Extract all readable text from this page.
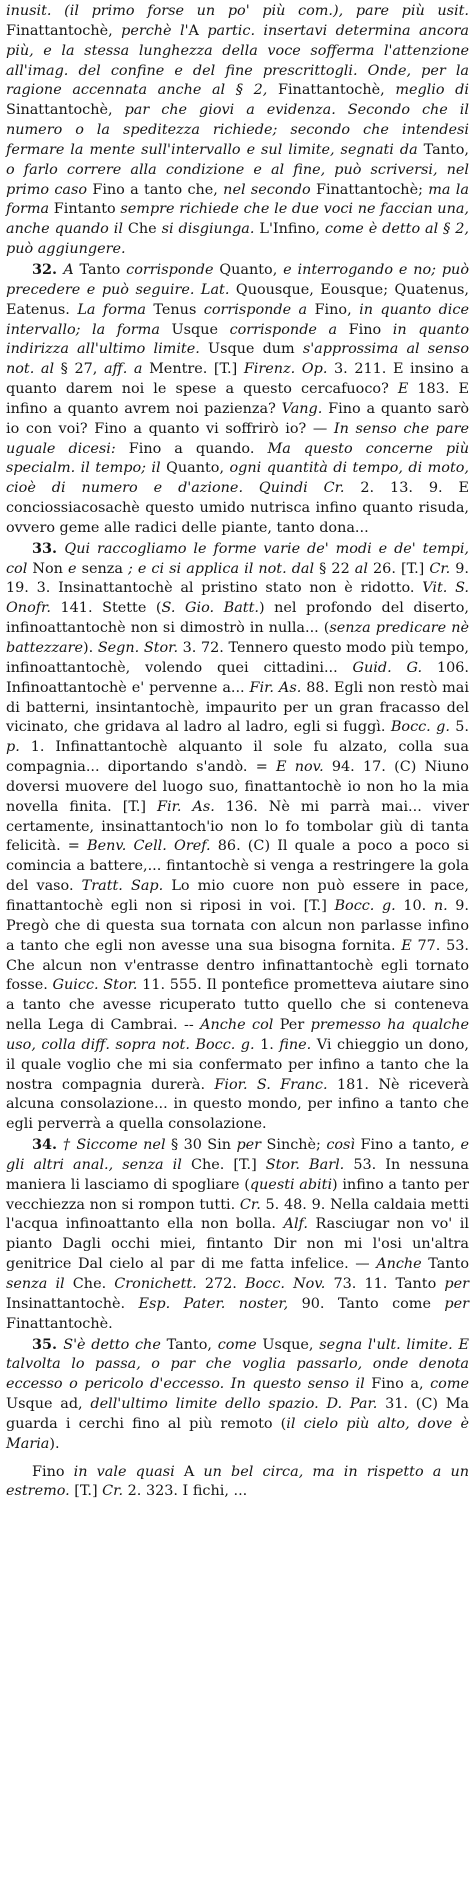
inusit. (il primo forse un po' più com.), pare più usit. Finattantochè, perchè l'A partic. insertavi determina ancora più, e la stessa lunghezza della voce sofferma l'attenzione all'imag. del confine e del fine prescrittogli. Onde, per la ragione accennata anche al § 2, Finattantochè, meglio di Sinattantochè, par che giovi a evidenza. Secondo che il numero o la speditezza richiede; secondo che intendesi fermare la mente sull'intervallo e sul limite, segnati da Tanto, o farlo correre alla condizione e al fine, può scriversi, nel primo caso Fino a tanto che, nel secondo Finattantochè; ma la forma Fintanto sempre richiede che le due voci ne faccian una, anche quando il Che si disgiunga. L'Infino, come è detto al § 2, può aggiungere.

32. A Tanto corrisponde Quanto, e interrogando e no; può precedere e può seguire. Lat. Quousque, Eousque; Quatenus, Eatenus. La forma Tenus corrisponde a Fino, in quanto dice intervallo; la forma Usque corrisponde a Fino in quanto indirizza all'ultimo limite. Usque dum s'approssima al senso not. al § 27, aff. a Mentre. [T.] Firenz. Op. 3. 211. E insino a quanto darem noi le spese a questo cercafuoco? E 183. E infino a quanto avrem noi pazienza? Vang. Fino a quanto sarò io con voi? Fino a quanto vi soffrirò io? — In senso che pare uguale dicesi: Fino a quando. Ma questo concerne più specialm. il tempo; il Quanto, ogni quantità di tempo, di moto, cioè di numero e d'azione. Quindi Cr. 2. 13. 9. E conciossiacosachè questo umido nutrisca infino quanto risuda, ovvero geme alle radici delle piante, tanto dona...

33. Qui raccogliamo le forme varie de' modi e de' tempi, col Non e senza ; e ci si applica il not. dal § 22 al 26. [T.] Cr. 9. 19. 3. Insinattantochè al pristino stato non è ridotto. Vit. S. Onofr. 141. Stette (S. Gio. Batt.) nel profondo del diserto, infinoattantochè non si dimostrò in nulla... (senza predicare nè battezzare). Segn. Stor. 3. 72. Tennero questo modo più tempo, infinoattantochè, volendo quei cittadini... Guid. G. 106. Infinoattantochè e' pervenne a... Fir. As. 88. Egli non restò mai di batterni, insintantochè, impaurito per un gran fracasso del vicinato, che gridava al ladro al ladro, egli si fuggì. Bocc. g. 5. p. 1. Infinattantochè alquanto il sole fu alzato, colla sua compagnia... diportando s'andò. = E nov. 94. 17. (C) Niuno doversi muovere del luogo suo, finattantochè io non ho la mia novella finita. [T.] Fir. As. 136. Nè mi parrà mai... viver certamente, insinattantoch'io non lo fo tombolar giù di tanta felicità. = Benv. Cell. Oref. 86. (C) Il quale a poco a poco si comincia a battere,... fintantochè si venga a restringere la gola del vaso. Tratt. Sap. Lo mio cuore non può essere in pace, finattantochè egli non si riposi in voi. [T.] Bocc. g. 10. n. 9. Pregò che di questa sua tornata con alcun non parlasse infino a tanto che egli non avesse una sua bisogna fornita. E 77. 53. Che alcun non v'entrasse dentro infinattantochè egli tornato fosse. Guicc. Stor. 11. 555. Il pontefice prometteva aiutare sino a tanto che avesse ricuperato tutto quello che si conteneva nella Lega di Cambrai. -- Anche col Per premesso ha qualche uso, colla diff. sopra not. Bocc. g. 1. fine. Vi chieggio un dono, il quale voglio che mi sia confermato per infino a tanto che la nostra compagnia durerà. Fior. S. Franc. 181. Nè riceverà alcuna consolazione... in questo mondo, per infino a tanto che egli perverrà a quella consolazione.

34. † Siccome nel § 30 Sin per Sinchè; così Fino a tanto, e gli altri anal., senza il Che. [T.] Stor. Barl. 53. In nessuna maniera li lasciamo di spogliare (questi abiti) infino a tanto per vecchiezza non si rompon tutti. Cr. 5. 48. 9. Nella caldaia metti l'acqua infinoattanto ella non bolla. Alf. Rasciugar non vo' il pianto Dagli occhi miei, fintanto Dir non mi l'osi un'altra genitrice Dal cielo al par di me fatta infelice. — Anche Tanto senza il Che. Cronichett. 272. Bocc. Nov. 73. 11. Tanto per Insinattantochè. Esp. Pater. noster, 90. Tanto come per Finattantochè.

35. S'è detto che Tanto, come Usque, segna l'ult. limite. E talvolta lo passa, o par che voglia passarlo, onde denota eccesso o pericolo d'eccesso. In questo senso il Fino a, come Usque ad, dell'ultimo limite dello spazio. D. Par. 31. (C) Ma guarda i cerchi fino al più remoto (il cielo più alto, dove è Maria).

Fino in vale quasi A un bel circa, ma in rispetto a un estremo. [T.] Cr. 2. 323. I fichi, ...
